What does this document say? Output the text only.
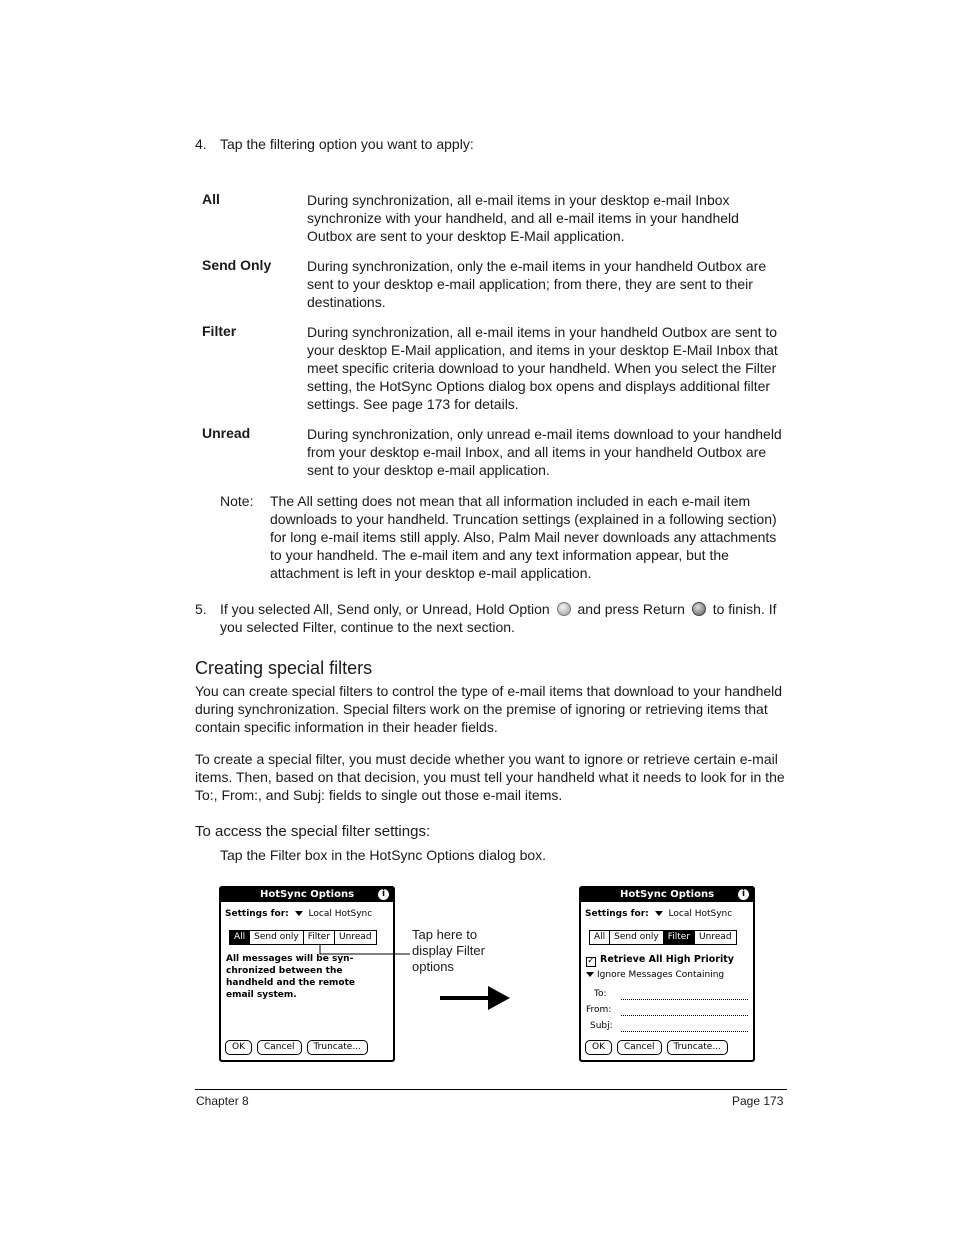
4. Tap the filtering option you want to apply:
All	During synchronization, all e-mail items in your desktop e-mail Inbox synchronize with your handheld, and all e-mail items in your handheld Outbox are sent to your desktop E-Mail application.
Send Only	During synchronization, only the e-mail items in your handheld Outbox are sent to your desktop e-mail application; from there, they are sent to their destinations.
Filter	During synchronization, all e-mail items in your handheld Outbox are sent to your desktop E-Mail application, and items in your desktop E-Mail Inbox that meet specific criteria download to your handheld. When you select the Filter setting, the HotSync Options dialog box opens and displays additional filter settings. See page 173 for details.
Unread	During synchronization, only unread e-mail items download to your handheld from your desktop e-mail Inbox, and all items in your handheld Outbox are sent to your desktop e-mail application.
Note: The All setting does not mean that all information included in each e-mail item downloads to your handheld. Truncation settings (explained in a following section) for long e-mail items still apply. Also, Palm Mail never downloads any attachments to your handheld. The e-mail item and any text information appear, but the attachment is left in your desktop e-mail application.
5. If you selected All, Send only, or Unread, Hold Option and press Return to finish. If you selected Filter, continue to the next section.
Creating special filters
You can create special filters to control the type of e-mail items that download to your handheld during synchronization. Special filters work on the premise of ignoring or retrieving items that contain specific information in their header fields.
To create a special filter, you must decide whether you want to ignore or retrieve certain e-mail items. Then, based on that decision, you must tell your handheld what it needs to look for in the To:, From:, and Subj: fields to single out those e-mail items.
To access the special filter settings:
Tap the Filter box in the HotSync Options dialog box.
HotSync Options	i
Settings for: Local HotSync
All	Send only	Filter	Unread
All messages will be syn-
chronized between the
handheld and the remote
email system.
OK	Cancel	Truncate...
Tap here to
display Filter
options
HotSync Options	i
Settings for: Local HotSync
All	Send only	Filter	Unread
✓ Retrieve All High Priority
Ignore Messages Containing
To:
From:
Subj:
OK	Cancel	Truncate...
Chapter 8	Page 173
